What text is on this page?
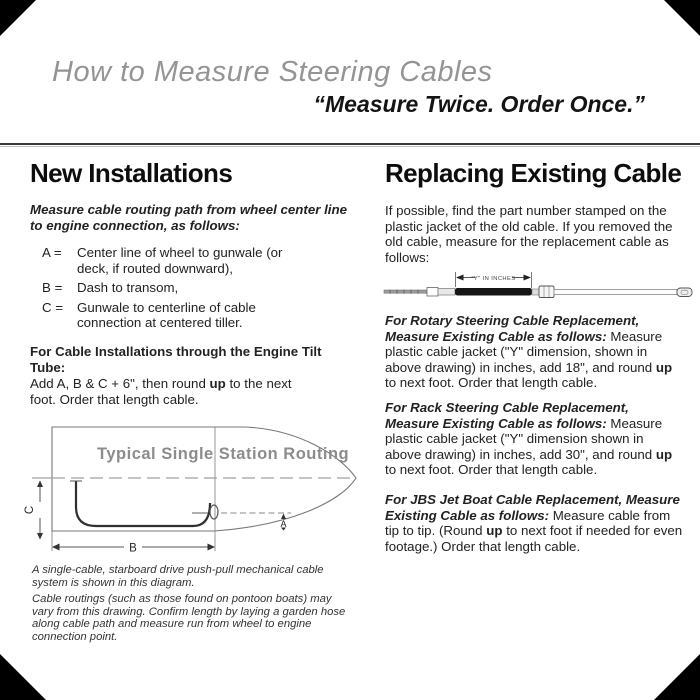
How to Measure Steering Cables
“Measure Twice. Order Once.”
New Installations
Measure cable routing path from wheel center line to engine connection, as follows:
A =	Center line of wheel to gunwale (or deck, if routed downward),
B =	Dash to transom,
C =	Gunwale to centerline of cable connection at centered tiller.
For Cable Installations through the Engine Tilt Tube:
Add A, B & C + 6", then round up to the next foot. Order that length cable.
A
C
B
Typical Single Station Routing
A single-cable, starboard drive push-pull mechanical cable system is shown in this diagram.
Cable routings (such as those found on pontoon boats) may vary from this drawing. Confirm length by laying a garden hose along cable path and measure run from wheel to engine connection point.
Replacing Existing Cable
If possible, find the part number stamped on the plastic jacket of the old cable. If you removed the old cable, measure for the replacement cable as follows:
"Y" IN INCHES
For Rotary Steering Cable Replacement, Measure Existing Cable as follows: Measure plastic cable jacket ("Y" dimension, shown in above drawing) in inches, add 18", and round up to next foot. Order that length cable.
For Rack Steering Cable Replacement, Measure Existing Cable as follows: Measure plastic cable jacket ("Y" dimension shown in above drawing) in inches, add 30", and round up to next foot. Order that length cable.
For JBS Jet Boat Cable Replacement, Measure Existing Cable as follows: Measure cable from tip to tip. (Round up to next foot if needed for even footage.) Order that length cable.
